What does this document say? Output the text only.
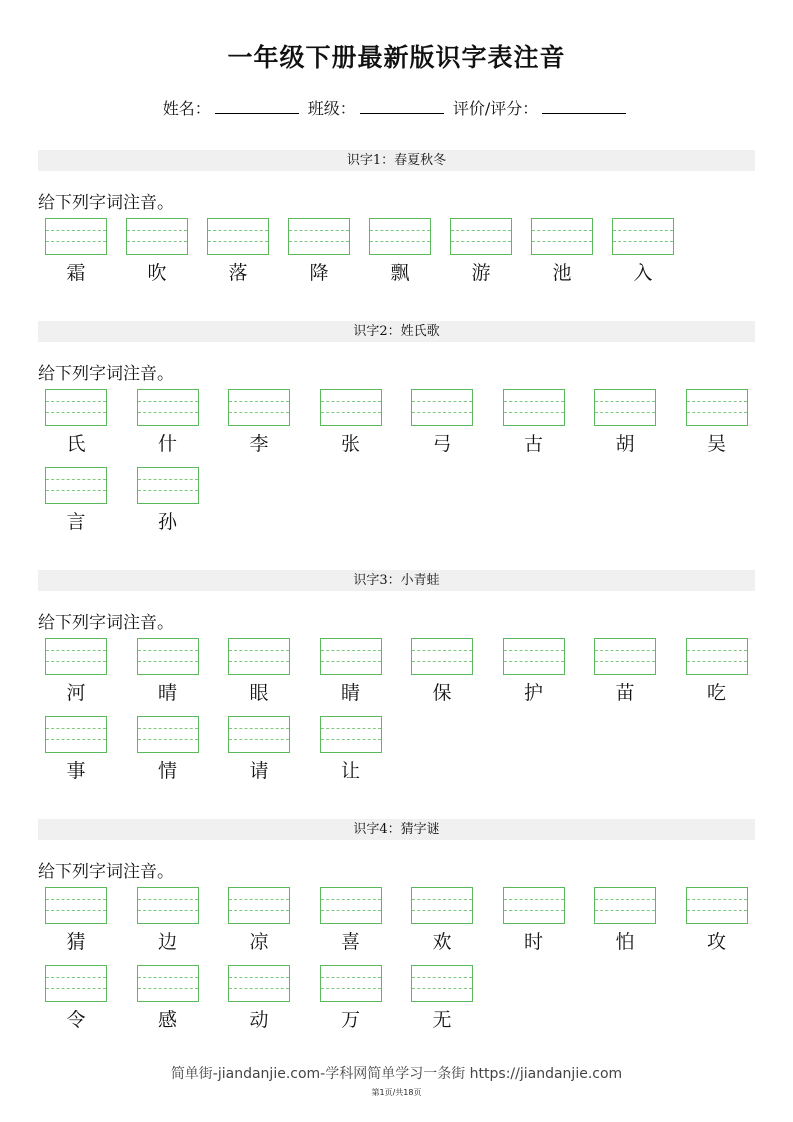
一年级下册最新版识字表注音
姓名：	班级：	评价/评分：
识字1：春夏秋冬
给下列字词注音。
霜	吹	落	降	飘	游	池	入
识字2：姓氏歌
给下列字词注音。
氏	什	李	张	弓	古	胡	吴
言	孙
识字3：小青蛙
给下列字词注音。
河	晴	眼	睛	保	护	苗	吃
事	情	请	让
识字4：猜字谜
给下列字词注音。
猜	边	凉	喜	欢	时	怕	攻
令	感	动	万	无
简单街-jiandanjie.com-学科网简单学习一条街 https://jiandanjie.com
第1页/共18页
